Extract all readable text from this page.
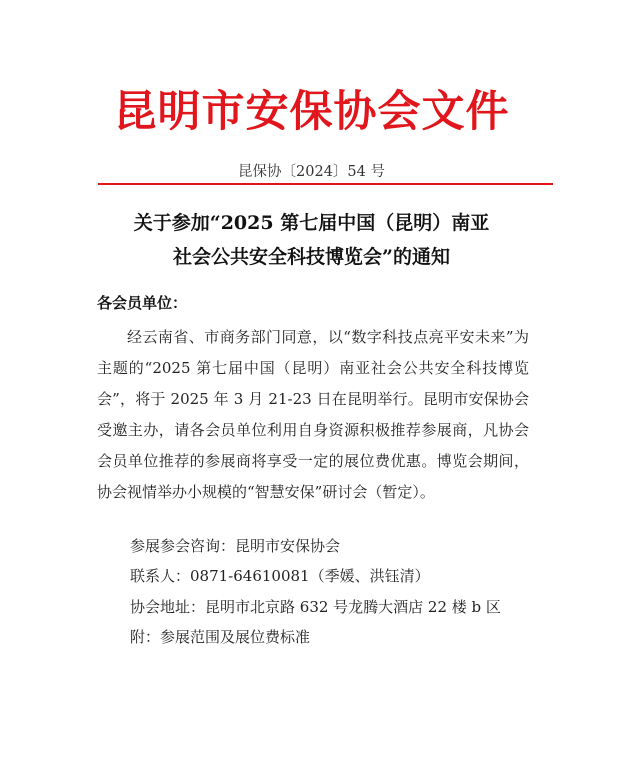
昆明市安保协会文件
昆保协〔2024〕54 号
关于参加“2025 第七届中国（昆明）南亚
社会公共安全科技博览会”的通知
各会员单位：

经云南省、市商务部门同意，以“数字科技点亮平安未来”为主题的“2025 第七届中国（昆明）南亚社会公共安全科技博览会”，将于 2025 年 3 月 21-23 日在昆明举行。昆明市安保协会受邀主办，请各会员单位利用自身资源积极推荐参展商，凡协会会员单位推荐的参展商将享受一定的展位费优惠。博览会期间，协会视情举办小规模的“智慧安保”研讨会（暂定）。

参展参会咨询：昆明市安保协会
联系人：0871-64610081（季媛、洪钰清）
协会地址：昆明市北京路 632 号龙腾大酒店 22 楼 b 区
附：参展范围及展位费标准
